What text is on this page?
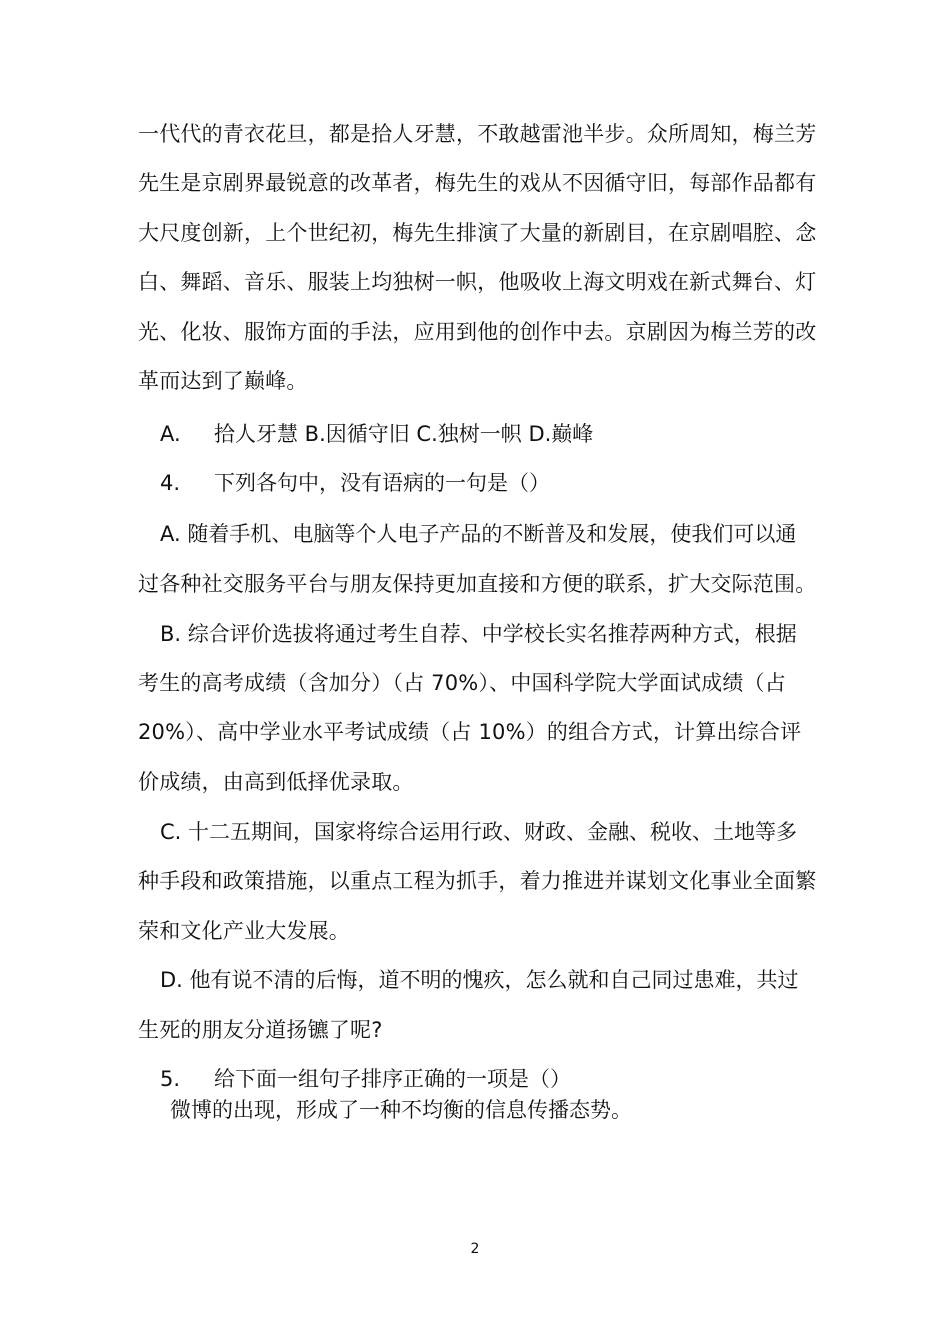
一代代的青衣花旦，都是拾人牙慧，不敢越雷池半步。众所周知，梅兰芳
先生是京剧界最锐意的改革者，梅先生的戏从不因循守旧，每部作品都有
大尺度创新，上个世纪初，梅先生排演了大量的新剧目，在京剧唱腔、念
白、舞蹈、音乐、服装上均独树一帜，他吸收上海文明戏在新式舞台、灯
光、化妆、服饰方面的手法，应用到他的创作中去。京剧因为梅兰芳的改
革而达到了巅峰。
A. 拾人牙慧 B.因循守旧 C.独树一帜 D.巅峰
4. 下列各句中，没有语病的一句是（）
A. 随着手机、电脑等个人电子产品的不断普及和发展，使我们可以通
过各种社交服务平台与朋友保持更加直接和方便的联系，扩大交际范围。
B. 综合评价选拔将通过考生自荐、中学校长实名推荐两种方式，根据
考生的高考成绩（含加分）（占 70%）、中国科学院大学面试成绩（占
20%）、高中学业水平考试成绩（占 10%）的组合方式，计算出综合评
价成绩，由高到低择优录取。
C. 十二五期间，国家将综合运用行政、财政、金融、税收、土地等多
种手段和政策措施，以重点工程为抓手，着力推进并谋划文化事业全面繁
荣和文化产业大发展。
D. 他有说不清的后悔，道不明的愧疚，怎么就和自己同过患难，共过
生死的朋友分道扬镳了呢?
5. 给下面一组句子排序正确的一项是（）
微博的出现，形成了一种不均衡的信息传播态势。
2
